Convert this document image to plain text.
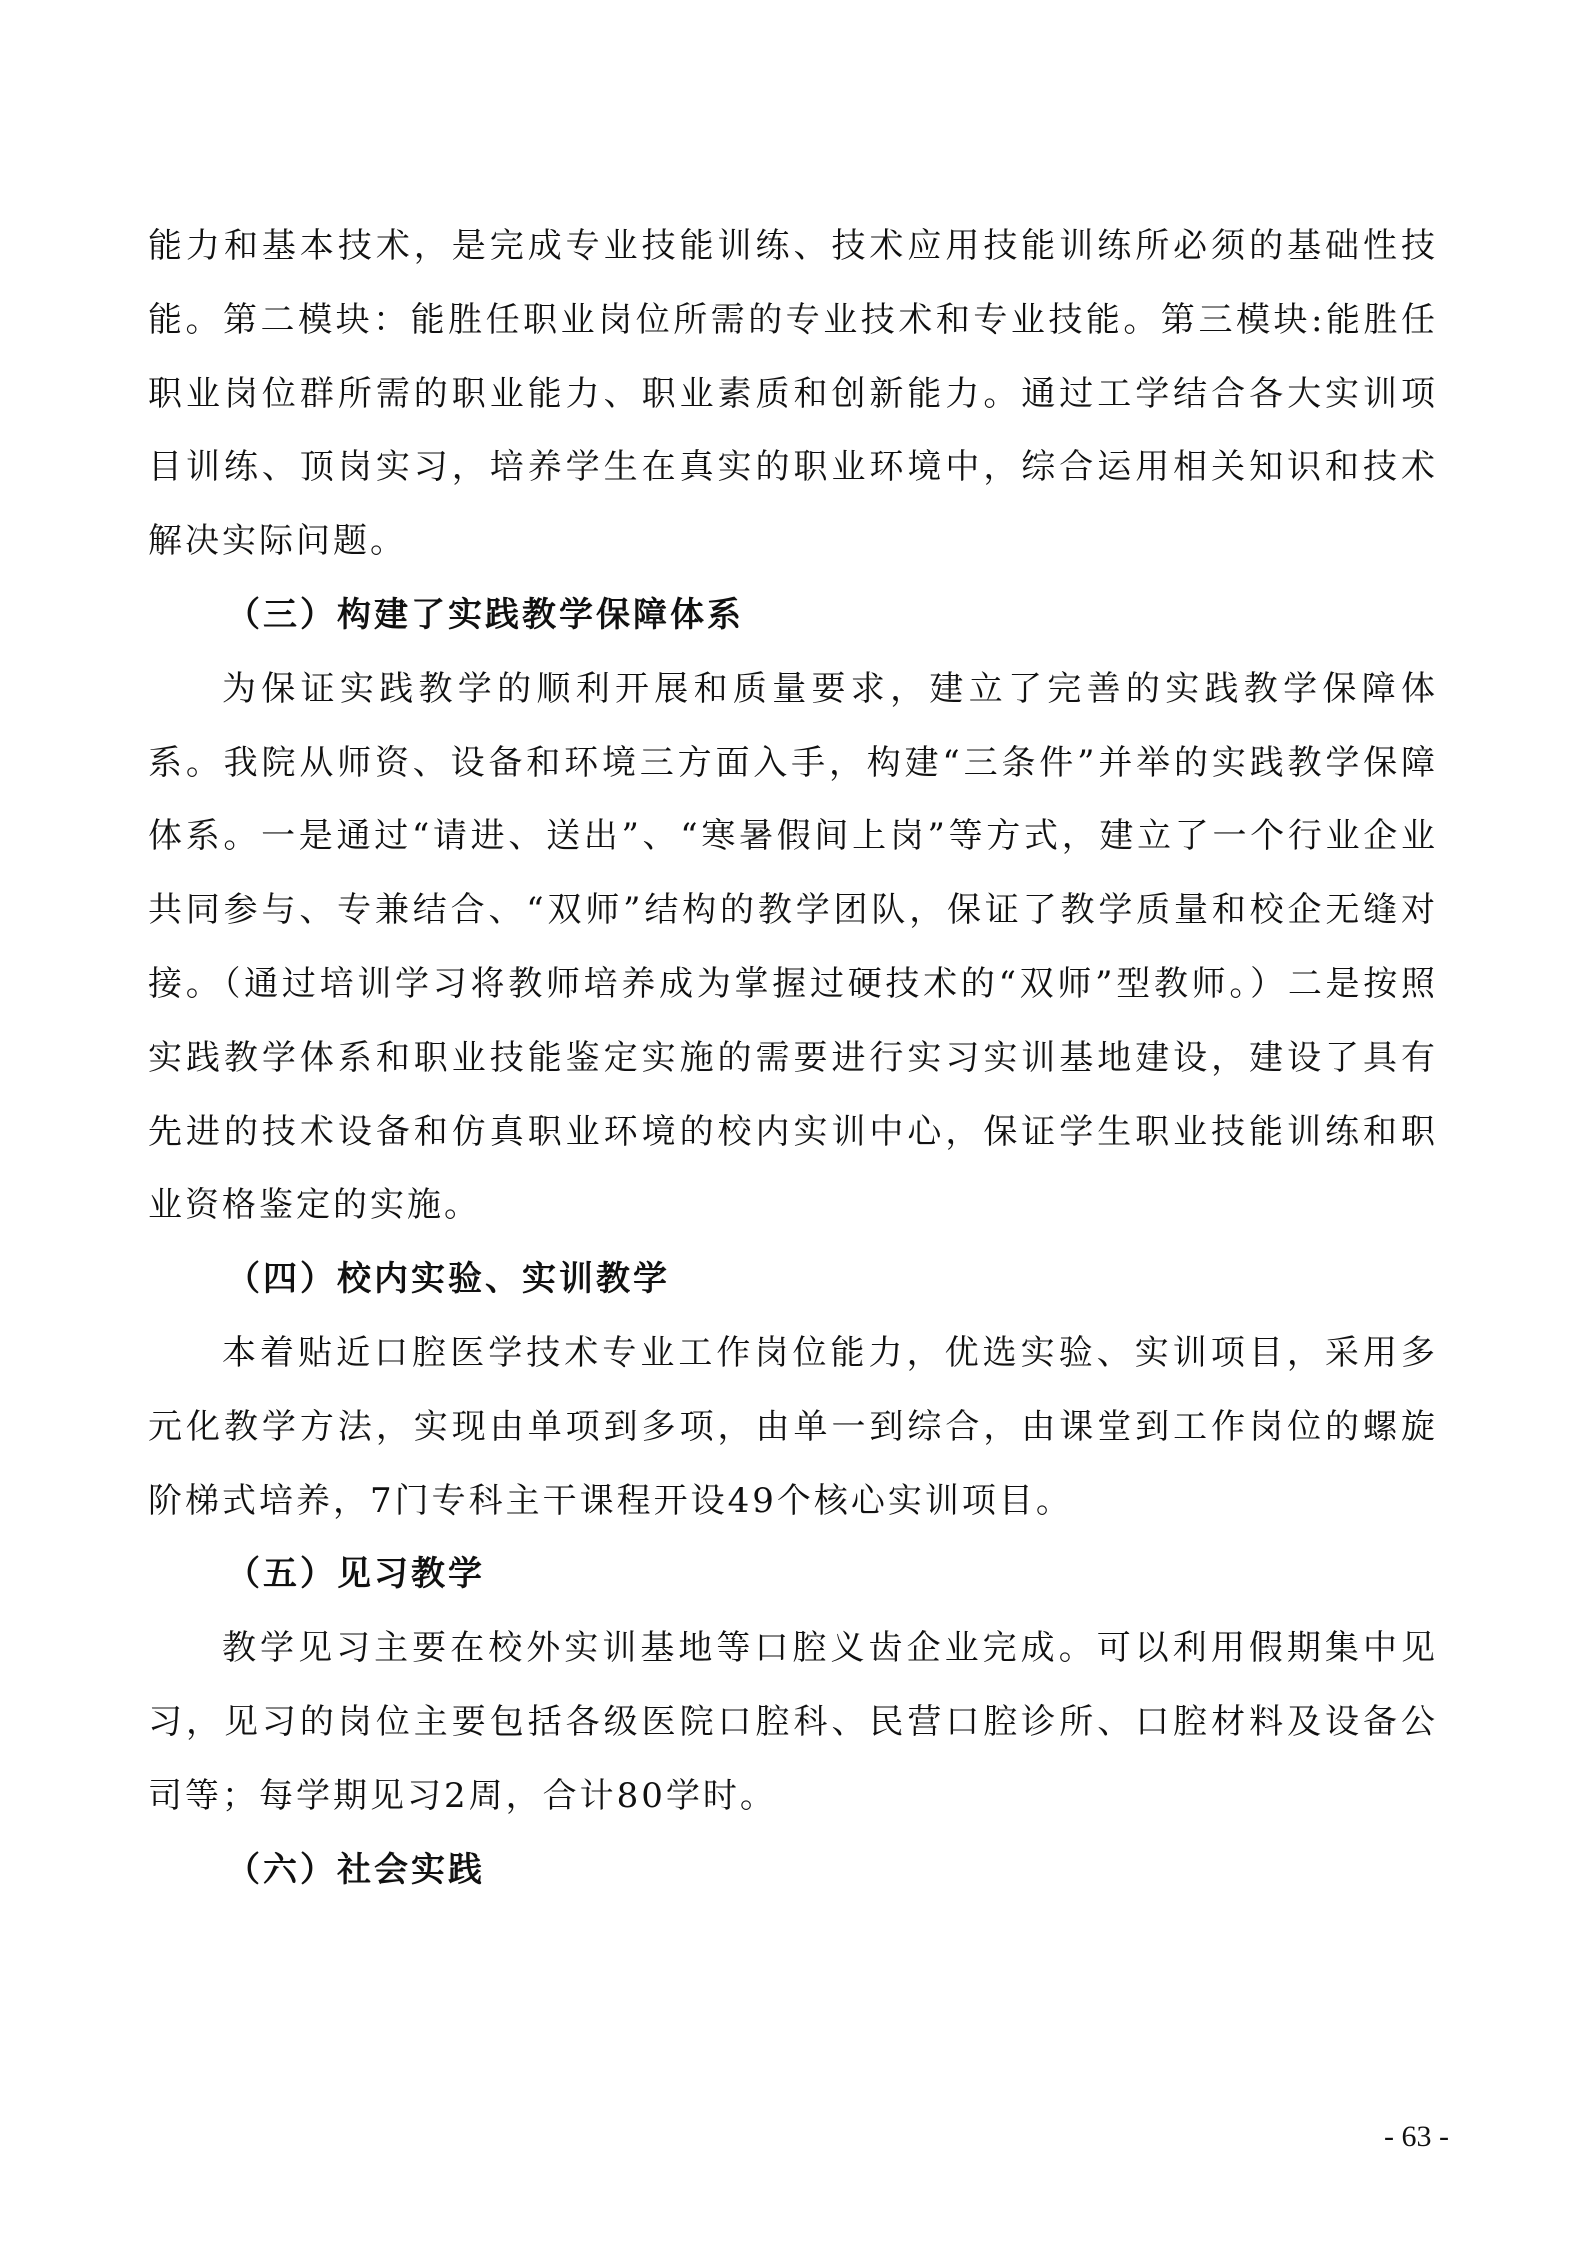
能力和基本技术，是完成专业技能训练、技术应用技能训练所必须的基础性技能。第二模块：能胜任职业岗位所需的专业技术和专业技能。第三模块:能胜任职业岗位群所需的职业能力、职业素质和创新能力。通过工学结合各大实训项目训练、顶岗实习，培养学生在真实的职业环境中，综合运用相关知识和技术解决实际问题。

（三）构建了实践教学保障体系

为保证实践教学的顺利开展和质量要求，建立了完善的实践教学保障体系。我院从师资、设备和环境三方面入手，构建“三条件”并举的实践教学保障体系。一是通过“请进、送出”、“寒暑假间上岗”等方式，建立了一个行业企业共同参与、专兼结合、“双师”结构的教学团队，保证了教学质量和校企无缝对接。（通过培训学习将教师培养成为掌握过硬技术的“双师”型教师。）二是按照实践教学体系和职业技能鉴定实施的需要进行实习实训基地建设，建设了具有先进的技术设备和仿真职业环境的校内实训中心，保证学生职业技能训练和职业资格鉴定的实施。

（四）校内实验、实训教学

本着贴近口腔医学技术专业工作岗位能力，优选实验、实训项目，采用多元化教学方法，实现由单项到多项，由单一到综合，由课堂到工作岗位的螺旋阶梯式培养，7门专科主干课程开设49个核心实训项目。

（五）见习教学

教学见习主要在校外实训基地等口腔义齿企业完成。可以利用假期集中见习，见习的岗位主要包括各级医院口腔科、民营口腔诊所、口腔材料及设备公司等；每学期见习2周，合计80学时。

（六）社会实践

- 63 -
